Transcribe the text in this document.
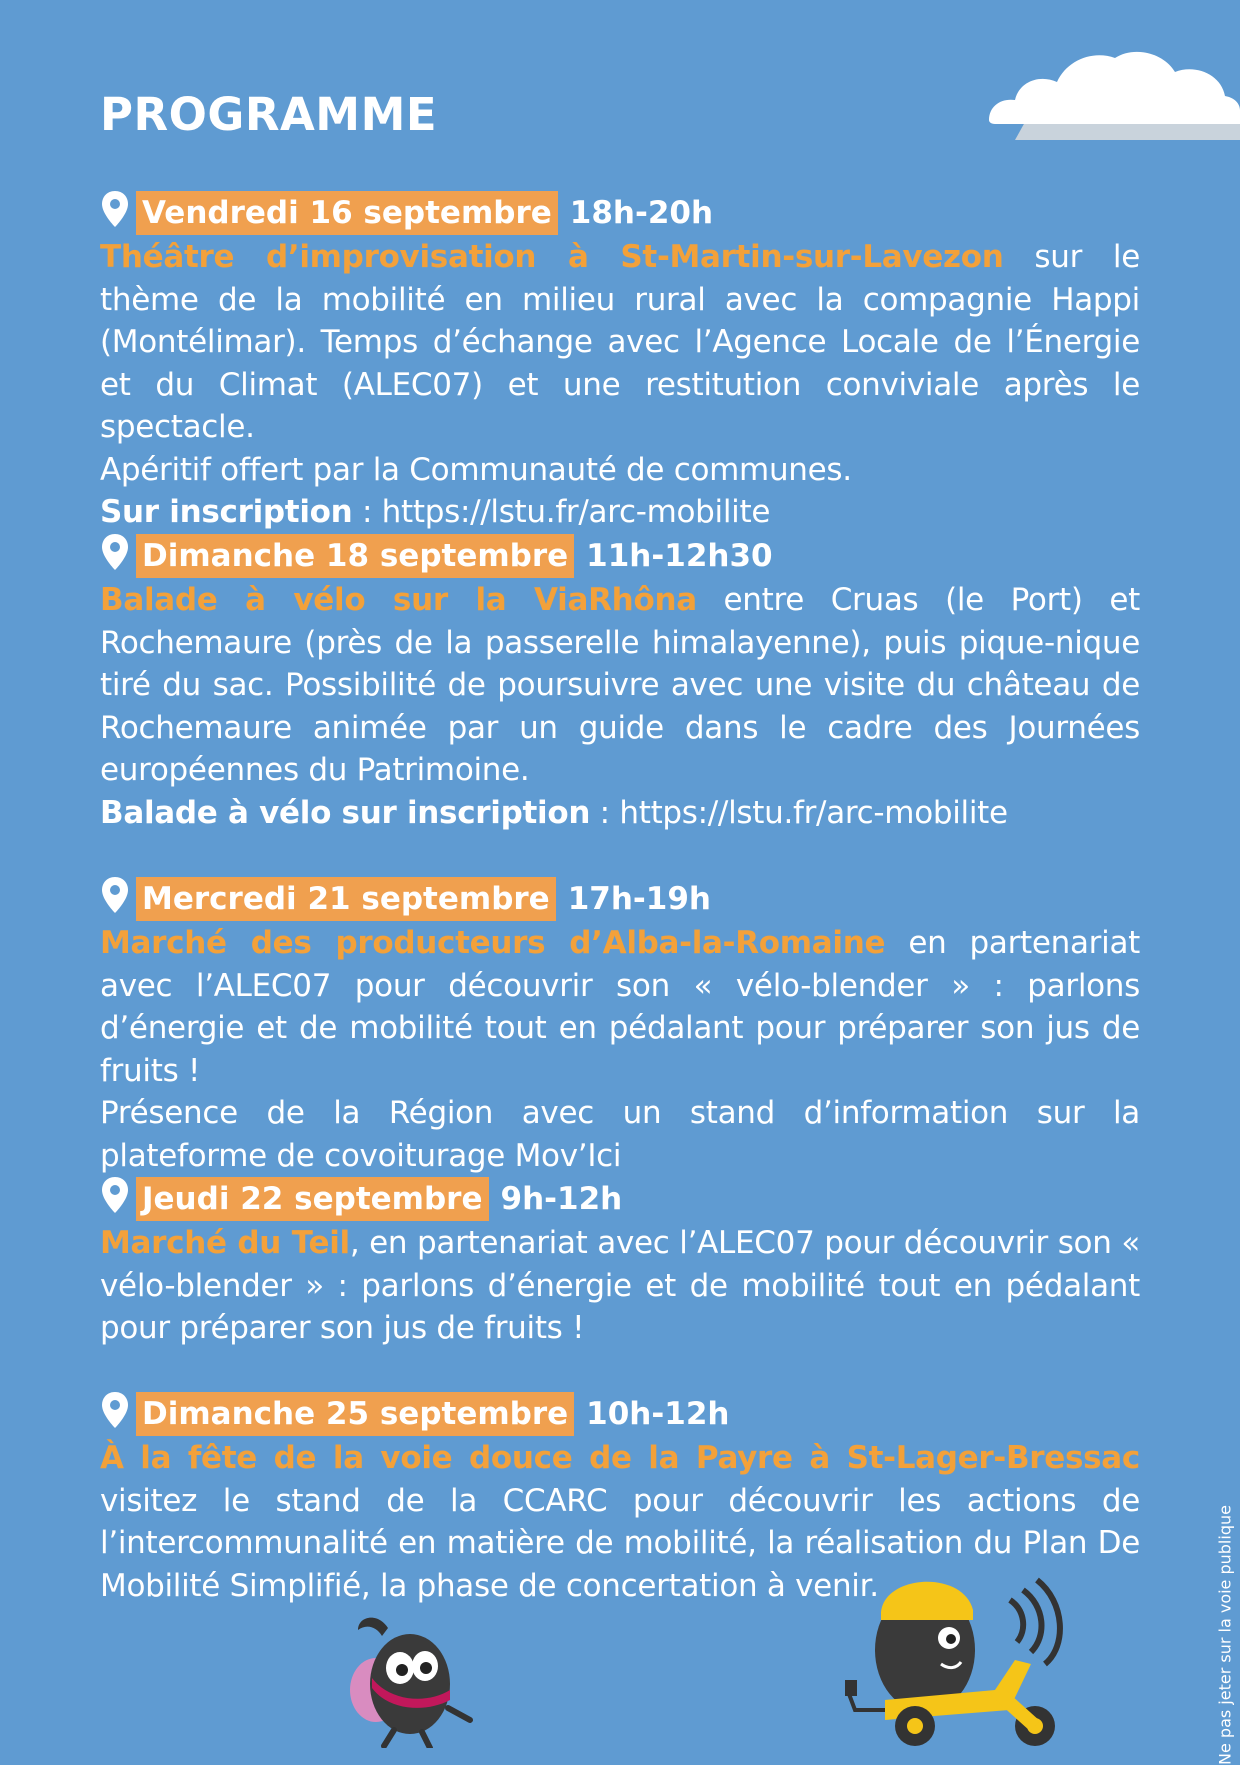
PROGRAMME
Vendredi 16 septembre 18h-20h

Théâtre d’improvisation à St-Martin-sur-Lavezon sur le thème de la mobilité en milieu rural avec la compagnie Happi (Montélimar). Temps d’échange avec l’Agence Locale de l’Énergie et du Climat (ALEC07) et une restitution conviviale après le spectacle.

Apéritif offert par la Communauté de communes.

Sur inscription : https://lstu.fr/arc-mobilite

Dimanche 18 septembre 11h-12h30

Balade à vélo sur la ViaRhôna entre Cruas (le Port) et Rochemaure (près de la passerelle himalayenne), puis pique-nique tiré du sac. Possibilité de poursuivre avec une visite du château de Rochemaure animée par un guide dans le cadre des Journées européennes du Patrimoine.

Balade à vélo sur inscription : https://lstu.fr/arc-mobilite

Mercredi 21 septembre 17h-19h

Marché des producteurs d’Alba-la-Romaine en partenariat avec l’ALEC07 pour découvrir son « vélo-blender » : parlons d’énergie et de mobilité tout en pédalant pour préparer son jus de fruits !

Présence de la Région avec un stand d’information sur la plateforme de covoiturage Mov’Ici

Jeudi 22 septembre 9h-12h

Marché du Teil, en partenariat avec l’ALEC07 pour découvrir son « vélo-blender » : parlons d’énergie et de mobilité tout en pédalant pour préparer son jus de fruits !

Dimanche 25 septembre 10h-12h

À la fête de la voie douce de la Payre à St-Lager-Bressac visitez le stand de la CCARC pour découvrir les actions de l’intercommunalité en matière de mobilité, la réalisation du Plan De Mobilité Simplifié, la phase de concertation à venir.	Ne pas jeter sur la voie publique
